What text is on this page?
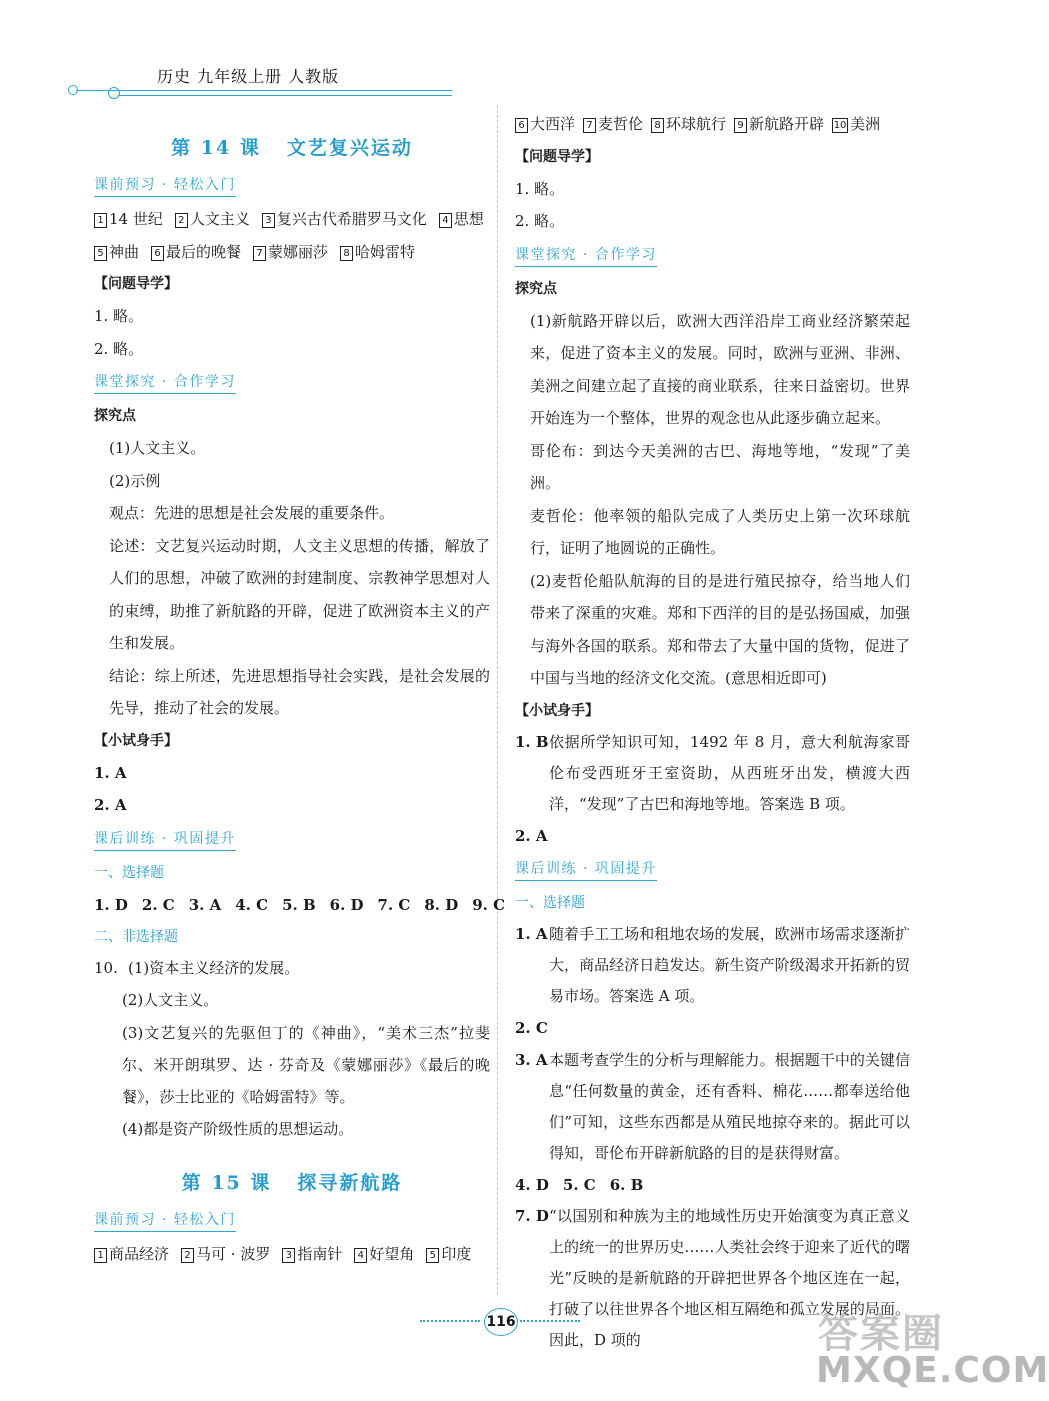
历史 九年级上册 人教版
第 14 课 文艺复兴运动
课前预习 · 轻松入门
1 14 世纪 2 人文主义 3 复兴古代希腊罗马文化 4 思想
5 神曲 6 最后的晚餐 7 蒙娜丽莎 8 哈姆雷特
【问题导学】
1. 略。
2. 略。
课堂探究 · 合作学习
探究点
(1)人文主义。
(2)示例
观点：先进的思想是社会发展的重要条件。
论述：文艺复兴运动时期，人文主义思想的传播，解放了人们的思想，冲破了欧洲的封建制度、宗教神学思想对人的束缚，助推了新航路的开辟，促进了欧洲资本主义的产生和发展。
结论：综上所述，先进思想指导社会实践，是社会发展的先导，推动了社会的发展。
【小试身手】
1. A
2. A
课后训练 · 巩固提升
一、选择题
1. D 2. C 3. A 4. C 5. B 6. D 7. C 8. D 9. C
二、非选择题
10. (1)资本主义经济的发展。
(2)人文主义。
(3)文艺复兴的先驱但丁的《神曲》，“美术三杰”拉斐尔、米开朗琪罗、达 · 芬奇及《蒙娜丽莎》《最后的晚餐》，莎士比亚的《哈姆雷特》等。
(4)都是资产阶级性质的思想运动。
第 15 课 探寻新航路
课前预习 · 轻松入门
1 商品经济 2 马可 · 波罗 3 指南针 4 好望角 5 印度
6 大西洋 7 麦哲伦 8 环球航行 9 新航路开辟 10 美洲
【问题导学】
1. 略。
2. 略。
课堂探究 · 合作学习
探究点
(1)新航路开辟以后，欧洲大西洋沿岸工商业经济繁荣起来，促进了资本主义的发展。同时，欧洲与亚洲、非洲、美洲之间建立起了直接的商业联系，往来日益密切。世界开始连为一个整体，世界的观念也从此逐步确立起来。
哥伦布：到达今天美洲的古巴、海地等地，“发现”了美洲。
麦哲伦：他率领的船队完成了人类历史上第一次环球航行，证明了地圆说的正确性。
(2)麦哲伦船队航海的目的是进行殖民掠夺，给当地人们带来了深重的灾难。郑和下西洋的目的是弘扬国威，加强与海外各国的联系。郑和带去了大量中国的货物，促进了中国与当地的经济文化交流。(意思相近即可)
【小试身手】
1. B 依据所学知识可知，1492 年 8 月，意大利航海家哥伦布受西班牙王室资助，从西班牙出发，横渡大西洋，“发现”了古巴和海地等地。答案选 B 项。
2. A
课后训练 · 巩固提升
一、选择题
1. A 随着手工工场和租地农场的发展，欧洲市场需求逐渐扩大，商品经济日趋发达。新生资产阶级渴求开拓新的贸易市场。答案选 A 项。
2. C
3. A 本题考查学生的分析与理解能力。根据题干中的关键信息“任何数量的黄金，还有香料、棉花……都奉送给他们”可知，这些东西都是从殖民地掠夺来的。据此可以得知，哥伦布开辟新航路的目的是获得财富。
4. D 5. C 6. B
7. D “以国别和种族为主的地域性历史开始演变为真正意义上的统一的世界历史……人类社会终于迎来了近代的曙光”反映的是新航路的开辟把世界各个地区连在一起，打破了以往世界各个地区相互隔绝和孤立发展的局面。因此，D 项的
116	答案圈
MXQE.COM
